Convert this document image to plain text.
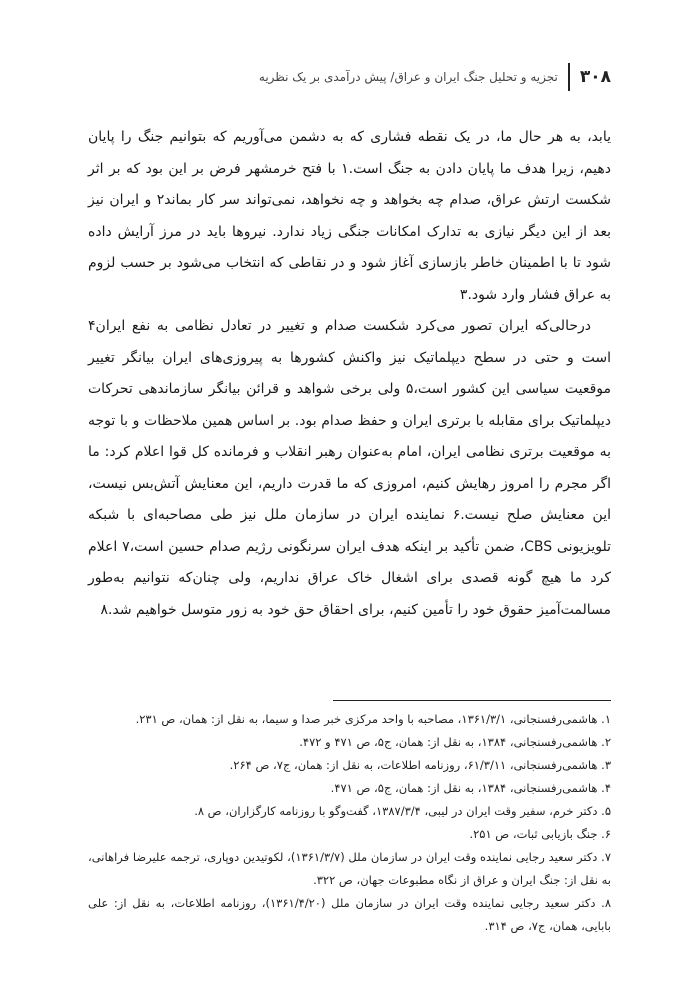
۳۰۸
تجزیه و تحلیل جنگ ایران و عراق/ پیش درآمدی بر یک نظریه

یابد، به هر حال ما، در یک نقطه فشاری که به دشمن می‌آوریم که بتوانیم جنگ را پایان دهیم، زیرا هدف ما پایان دادن به جنگ است.۱ با فتح خرمشهر فرض بر این بود که بر اثر شکست ارتش عراق، صدام چه بخواهد و چه نخواهد، نمی‌تواند سر کار بماند۲ و ایران نیز بعد از این دیگر نیازی به تدارک امکانات جنگی زیاد ندارد. نیروها باید در مرز آرایش داده شود تا با اطمینان خاطر بازسازی آغاز شود و در نقاطی که انتخاب می‌شود بر حسب لزوم به عراق فشار وارد شود.۳

درحالی‌که ایران تصور می‌کرد شکست صدام و تغییر در تعادل نظامی به نفع ایران۴ است و حتی در سطح دیپلماتیک نیز واکنش کشورها به پیروزی‌های ایران بیانگر تغییر موقعیت سیاسی این کشور است،۵ ولی برخی شواهد و قرائن بیانگر سازماندهی تحرکات دیپلماتیک برای مقابله با برتری ایران و حفظ صدام بود. بر اساس همین ملاحظات و با توجه به موقعیت برتری نظامی ایران، امام به‌عنوان رهبر انقلاب و فرمانده کل قوا اعلام کرد: ما اگر مجرم را امروز رهایش کنیم، امروزی که ما قدرت داریم، این معنایش آتش‌بس نیست، این معنایش صلح نیست.۶ نماینده ایران در سازمان ملل نیز طی مصاحبه‌ای با شبکه تلویزیونی CBS، ضمن تأکید بر اینکه هدف ایران سرنگونی رژیم صدام حسین است،۷ اعلام کرد ما هیچ گونه قصدی برای اشغال خاک عراق نداریم، ولی چنان‌که نتوانیم به‌طور مسالمت‌آمیز حقوق خود را تأمین کنیم، برای احقاق حق خود به زور متوسل خواهیم شد.۸

۱. هاشمی‌رفسنجانی، ۱۳۶۱/۳/۱، مصاحبه با واحد مرکزی خبر صدا و سیما، به نقل از: همان، ص ۲۳۱.

۲. هاشمی‌رفسنجانی، ۱۳۸۴، به نقل از: همان، ج۵، ص ۴۷۱ و ۴۷۲.

۳. هاشمی‌رفسنجانی، ۶۱/۳/۱۱، روزنامه اطلاعات، به نقل از: همان، ج۷، ص ۲۶۴.

۴. هاشمی‌رفسنجانی، ۱۳۸۴، به نقل از: همان، ج۵، ص ۴۷۱.

۵. دکتر خرم، سفیر وقت ایران در لیبی، ۱۳۸۷/۳/۴، گفت‌وگو با روزنامه کارگزاران، ص ۸.

۶. جنگ بازیابی ثبات، ص ۲۵۱.

۷. دکتر سعید رجایی نماینده وقت ایران در سازمان ملل (۱۳۶۱/۳/۷)، لکوتیدین دوپاری، ترجمه علیرضا فراهانی، به نقل از: جنگ ایران و عراق از نگاه مطبوعات جهان، ص ۳۲۲.

۸. دکتر سعید رجایی نماینده وقت ایران در سازمان ملل (۱۳۶۱/۴/۲۰)، روزنامه اطلاعات، به نقل از: علی بابایی، همان، ج۷، ص ۳۱۴.
